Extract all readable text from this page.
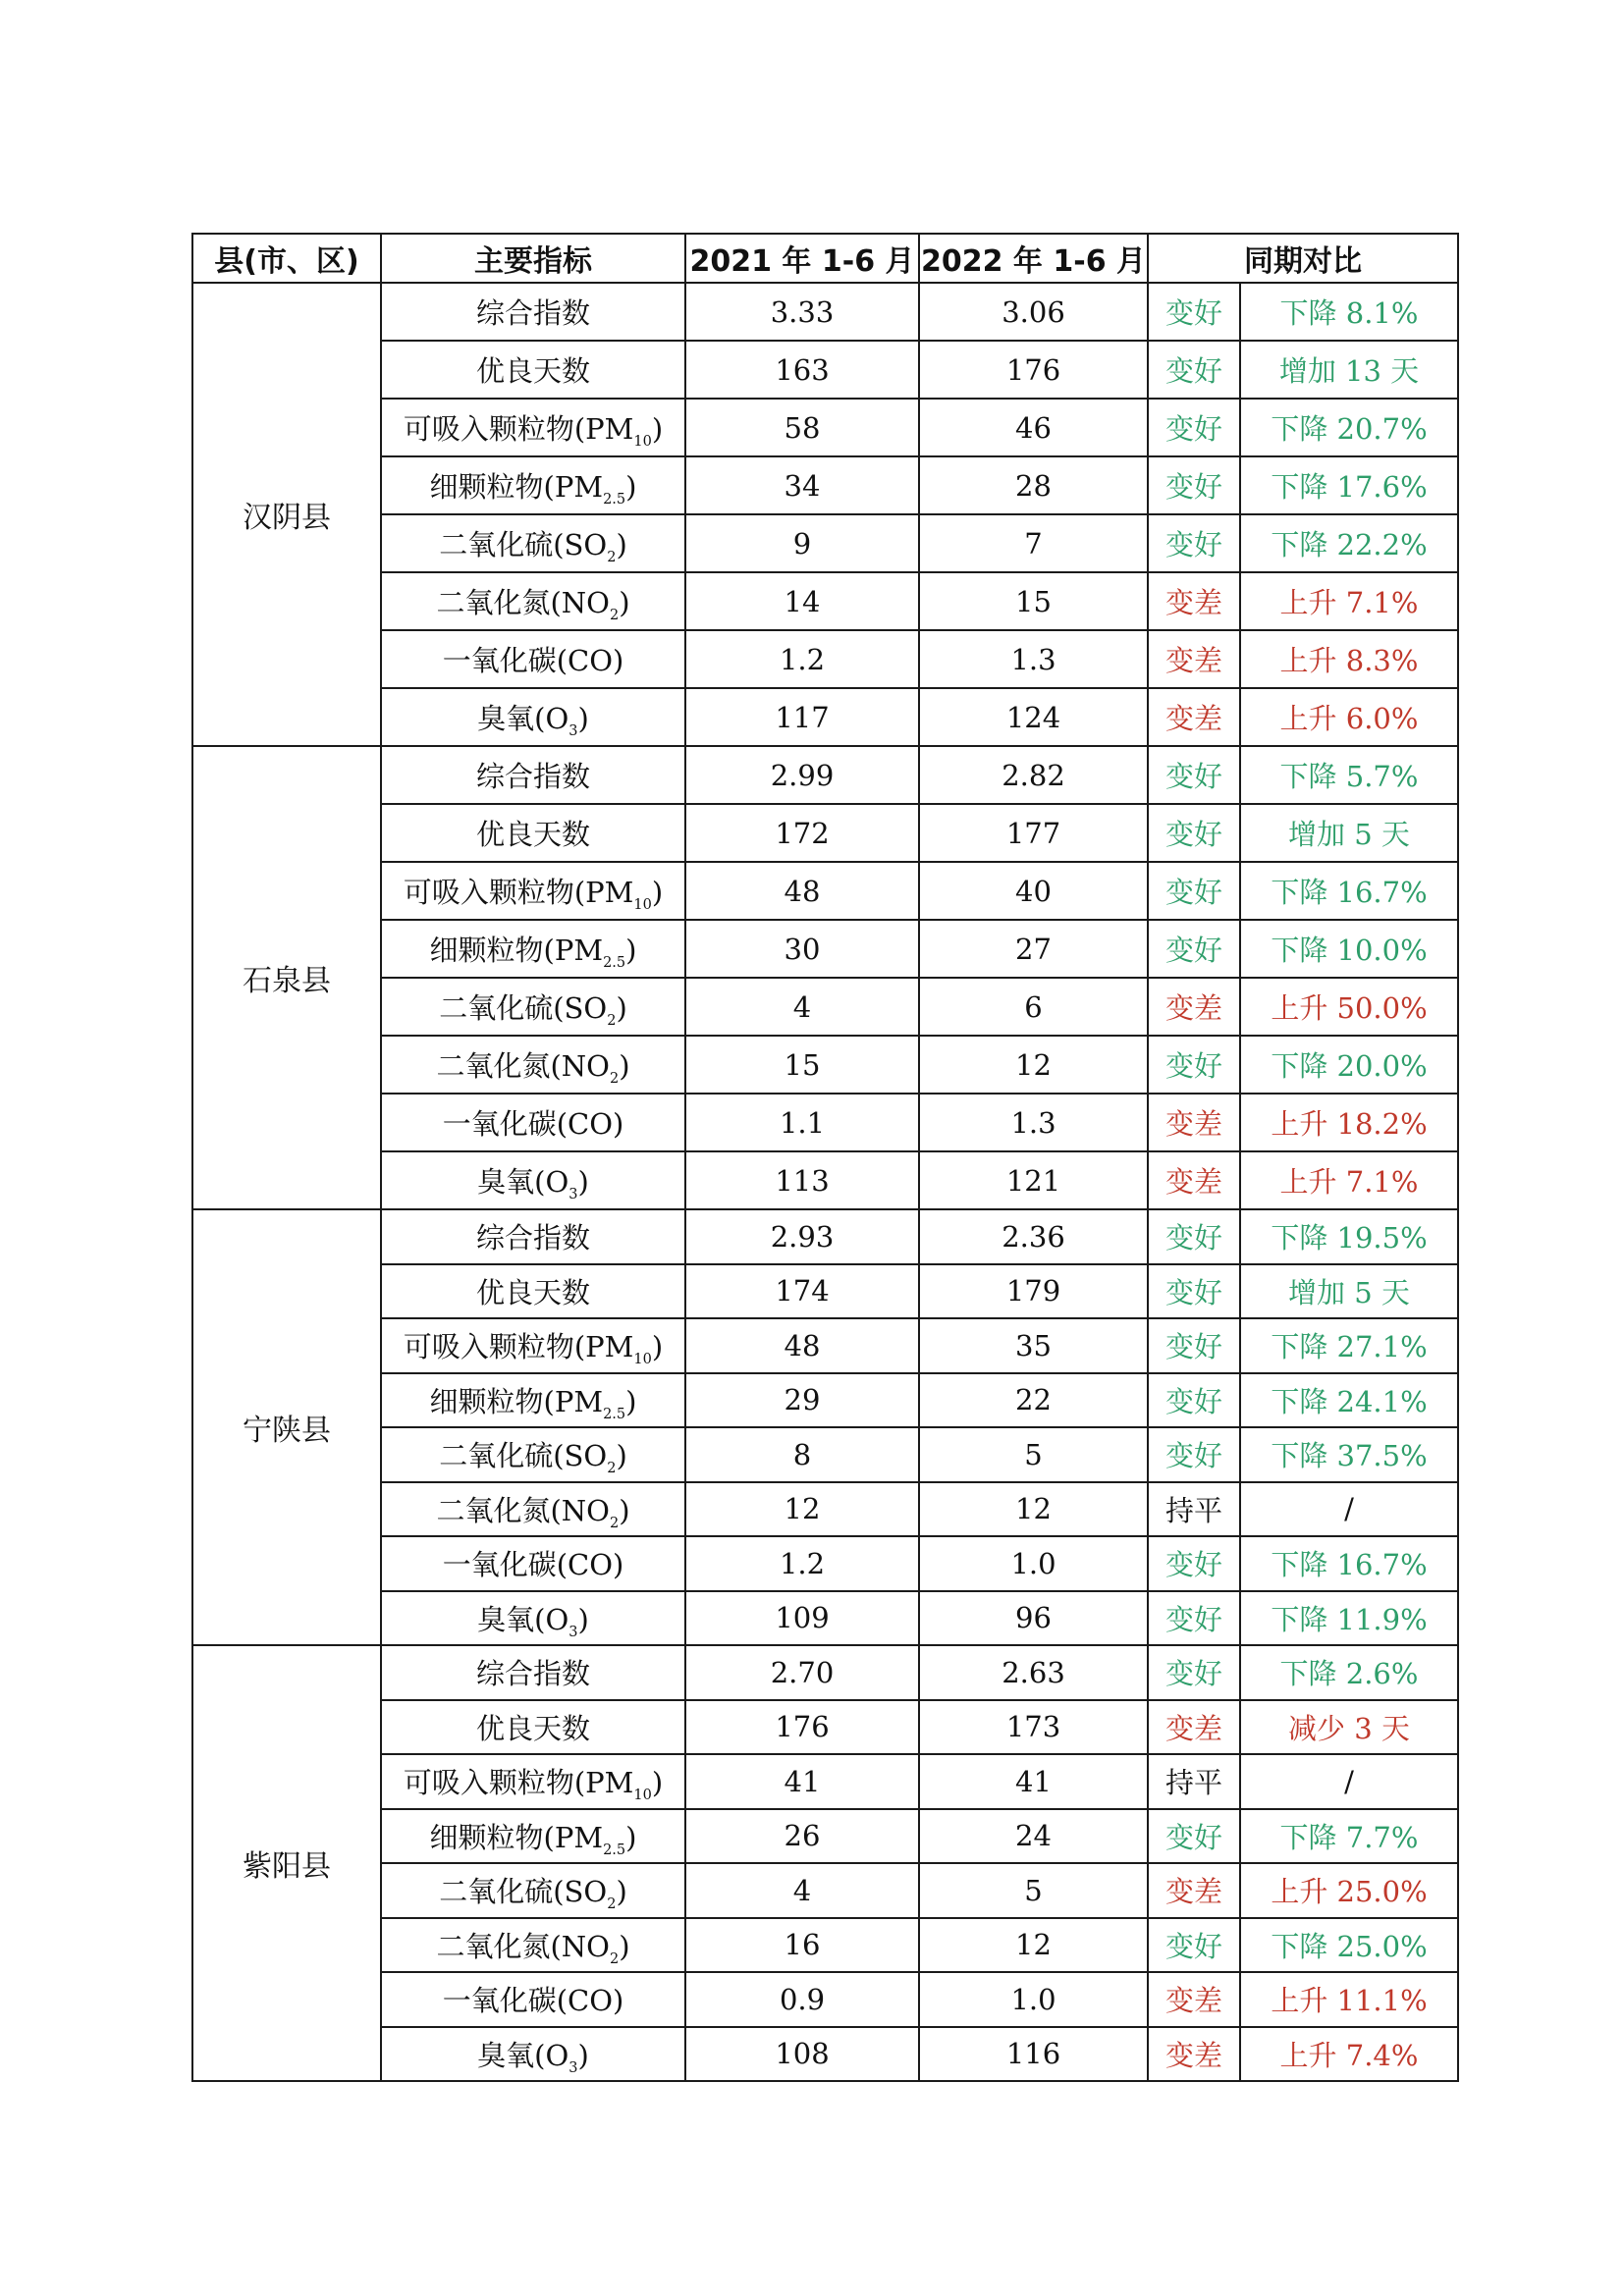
县(市、区)	主要指标	2021 年 1-6 月	2022 年 1-6 月	同期对比	
汉阴县	综合指数	3.33	3.06	变好	下降 8.1%
	优良天数	163	176	变好	增加 13 天
	可吸入颗粒物$(PM_{10})$	58	46	变好	下降 20.7%
	细颗粒物$(PM_{2.5})$	34	28	变好	下降 17.6%
	二氧化硫$(SO_2)$	9	7	变好	下降 22.2%
	二氧化氮$(NO_2)$	14	15	变差	上升 7.1%
	一氧化碳(CO)	1.2	1.3	变差	上升 8.3%
	臭氧$(O_3)$	117	124	变差	上升 6.0%
石泉县	综合指数	2.99	2.82	变好	下降 5.7%
	优良天数	172	177	变好	增加 5 天
	可吸入颗粒物$(PM_{10})$	48	40	变好	下降 16.7%
	细颗粒物$(PM_{2.5})$	30	27	变好	下降 10.0%
	二氧化硫$(SO_2)$	4	6	变差	上升 50.0%
	二氧化氮$(NO_2)$	15	12	变好	下降 20.0%
	一氧化碳(CO)	1.1	1.3	变差	上升 18.2%
	臭氧$(O_3)$	113	121	变差	上升 7.1%
宁陕县	综合指数	2.93	2.36	变好	下降 19.5%
	优良天数	174	179	变好	增加 5 天
	可吸入颗粒物$(PM_{10})$	48	35	变好	下降 27.1%
	细颗粒物$(PM_{2.5})$	29	22	变好	下降 24.1%
	二氧化硫$(SO_2)$	8	5	变好	下降 37.5%
	二氧化氮$(NO_2)$	12	12	持平	/
	一氧化碳(CO)	1.2	1.0	变好	下降 16.7%
	臭氧$(O_3)$	109	96	变好	下降 11.9%
紫阳县	综合指数	2.70	2.63	变好	下降 2.6%
	优良天数	176	173	变差	减少 3 天
	可吸入颗粒物$(PM_{10})$	41	41	持平	/
	细颗粒物$(PM_{2.5})$	26	24	变好	下降 7.7%
	二氧化硫$(SO_2)$	4	5	变差	上升 25.0%
	二氧化氮$(NO_2)$	16	12	变好	下降 25.0%
	一氧化碳(CO)	0.9	1.0	变差	上升 11.1%
	臭氧$(O_3)$	108	116	变差	上升 7.4%
